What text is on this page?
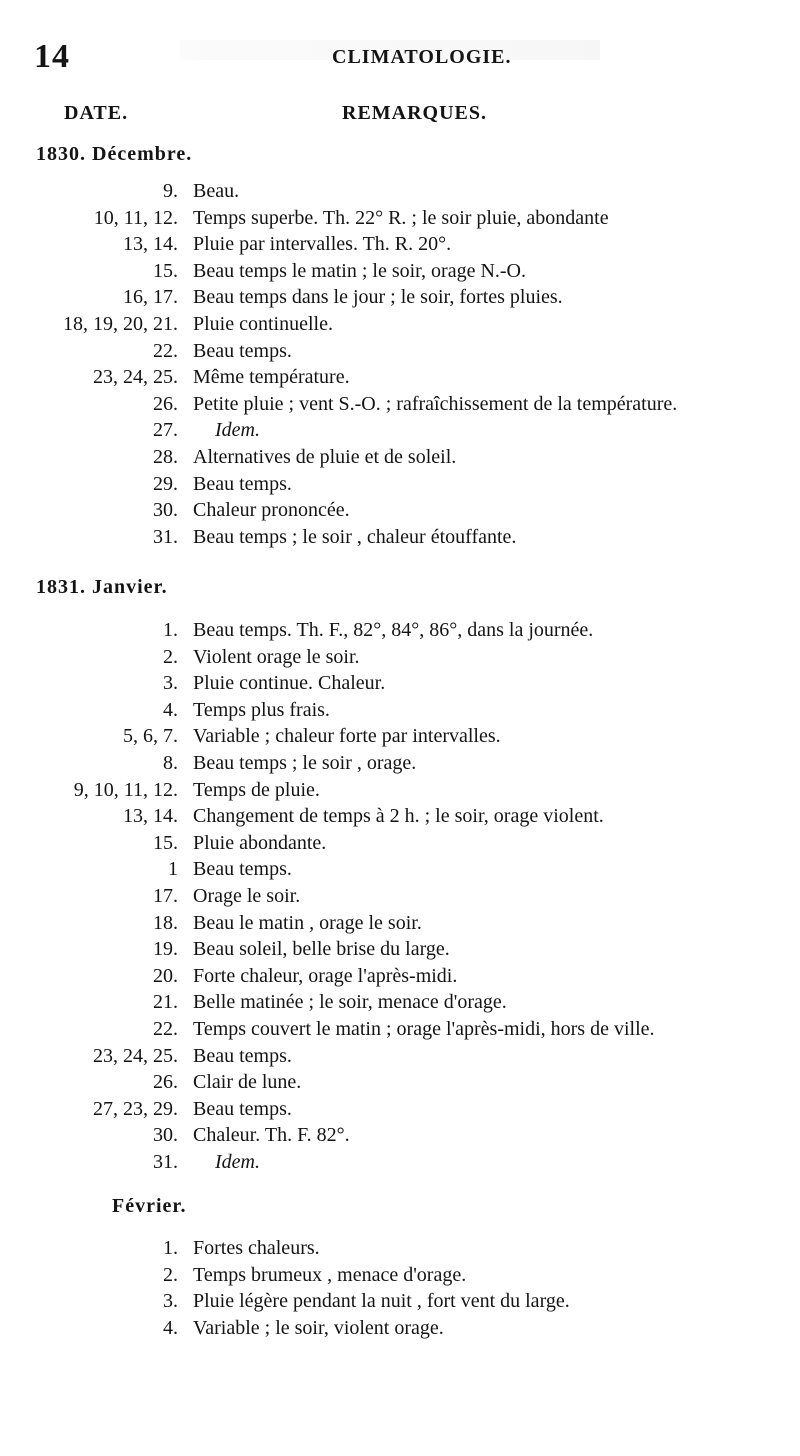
14	CLIMATOLOGIE.
DATE.	REMARQUES.
1830. Décembre.
9. Beau.
10, 11, 12. Temps superbe. Th. 22° R. ; le soir pluie, abondante
13, 14. Pluie par intervalles. Th. R. 20°.
15. Beau temps le matin ; le soir, orage N.-O.
16, 17. Beau temps dans le jour ; le soir, fortes pluies.
18, 19, 20, 21. Pluie continuelle.
22. Beau temps.
23, 24, 25. Même température.
26. Petite pluie ; vent S.-O. ; rafraîchissement de la température.
27. Idem.
28. Alternatives de pluie et de soleil.
29. Beau temps.
30. Chaleur prononcée.
31. Beau temps ; le soir , chaleur étouffante.
1831. Janvier.
1. Beau temps. Th. F., 82°, 84°, 86°, dans la journée.
2. Violent orage le soir.
3. Pluie continue. Chaleur.
4. Temps plus frais.
5, 6, 7. Variable ; chaleur forte par intervalles.
8. Beau temps ; le soir , orage.
9, 10, 11, 12. Temps de pluie.
13, 14. Changement de temps à 2 h. ; le soir, orage violent.
15. Pluie abondante.
1 Beau temps.
17. Orage le soir.
18. Beau le matin , orage le soir.
19. Beau soleil, belle brise du large.
20. Forte chaleur, orage l'après-midi.
21. Belle matinée ; le soir, menace d'orage.
22. Temps couvert le matin ; orage l'après-midi, hors de ville.
23, 24, 25. Beau temps.
26. Clair de lune.
27, 23, 29. Beau temps.
30. Chaleur. Th. F. 82°.
31. Idem.
Février.
1. Fortes chaleurs.
2. Temps brumeux , menace d'orage.
3. Pluie légère pendant la nuit , fort vent du large.
4. Variable ; le soir, violent orage.
